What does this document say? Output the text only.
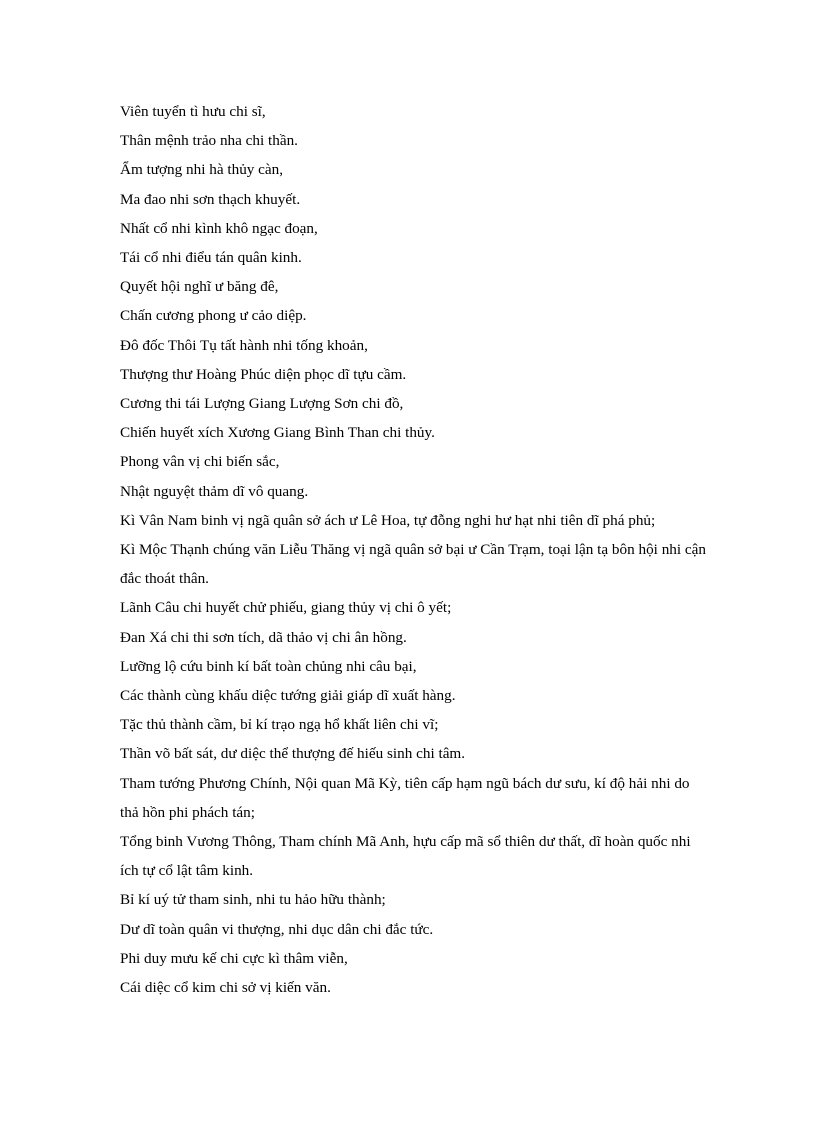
Viên tuyển tì hưu chi sĩ,
Thân mệnh trảo nha chi thần.
Ẩm tượng nhi hà thủy càn,
Ma đao nhi sơn thạch khuyết.
Nhất cổ nhi kình khô ngạc đoạn,
Tái cổ nhi điểu tán quân kinh.
Quyết hội nghĩ ư băng đê,
Chấn cương phong ư cảo diệp.
Đô đốc Thôi Tụ tất hành nhi tống khoản,
Thượng thư Hoàng Phúc diện phọc dĩ tựu cầm.
Cương thi tái Lượng Giang Lượng Sơn chi đồ,
Chiến huyết xích Xương Giang Bình Than chi thủy.
Phong vân vị chi biến sắc,
Nhật nguyệt thảm dĩ vô quang.
Kì Vân Nam binh vị ngã quân sở ách ư Lê Hoa, tự đỗng nghi hư hạt nhi tiên dĩ phá phủ;
Kì Mộc Thạnh chúng văn Liễu Thăng vị ngã quân sở bại ư Cần Trạm, toại lận tạ bôn hội nhi cận đắc thoát thân.
Lãnh Câu chi huyết chử phiếu, giang thủy vị chi ô yết;
Đan Xá chi thi sơn tích, dã thảo vị chi ân hồng.
Lưỡng lộ cứu binh kí bất toàn chủng nhi câu bại,
Các thành cùng khấu diệc tướng giải giáp dĩ xuất hàng.
Tặc thủ thành cầm, bỉ kí trạo ngạ hổ khất liên chi vĩ;
Thần võ bất sát, dư diệc thể thượng đế hiếu sinh chi tâm.
Tham tướng Phương Chính, Nội quan Mã Kỳ, tiên cấp hạm ngũ bách dư sưu, kí độ hải nhi do thả hồn phi phách tán;
Tổng binh Vương Thông, Tham chính Mã Anh, hựu cấp mã sổ thiên dư thất, dĩ hoàn quốc nhi ích tự cổ lật tâm kinh.
Bỉ kí uý tử tham sinh, nhi tu hảo hữu thành;
Dư dĩ toàn quân vi thượng, nhi dục dân chi đắc tức.
Phi duy mưu kế chi cực kì thâm viễn,
Cái diệc cổ kim chi sở vị kiến văn.
